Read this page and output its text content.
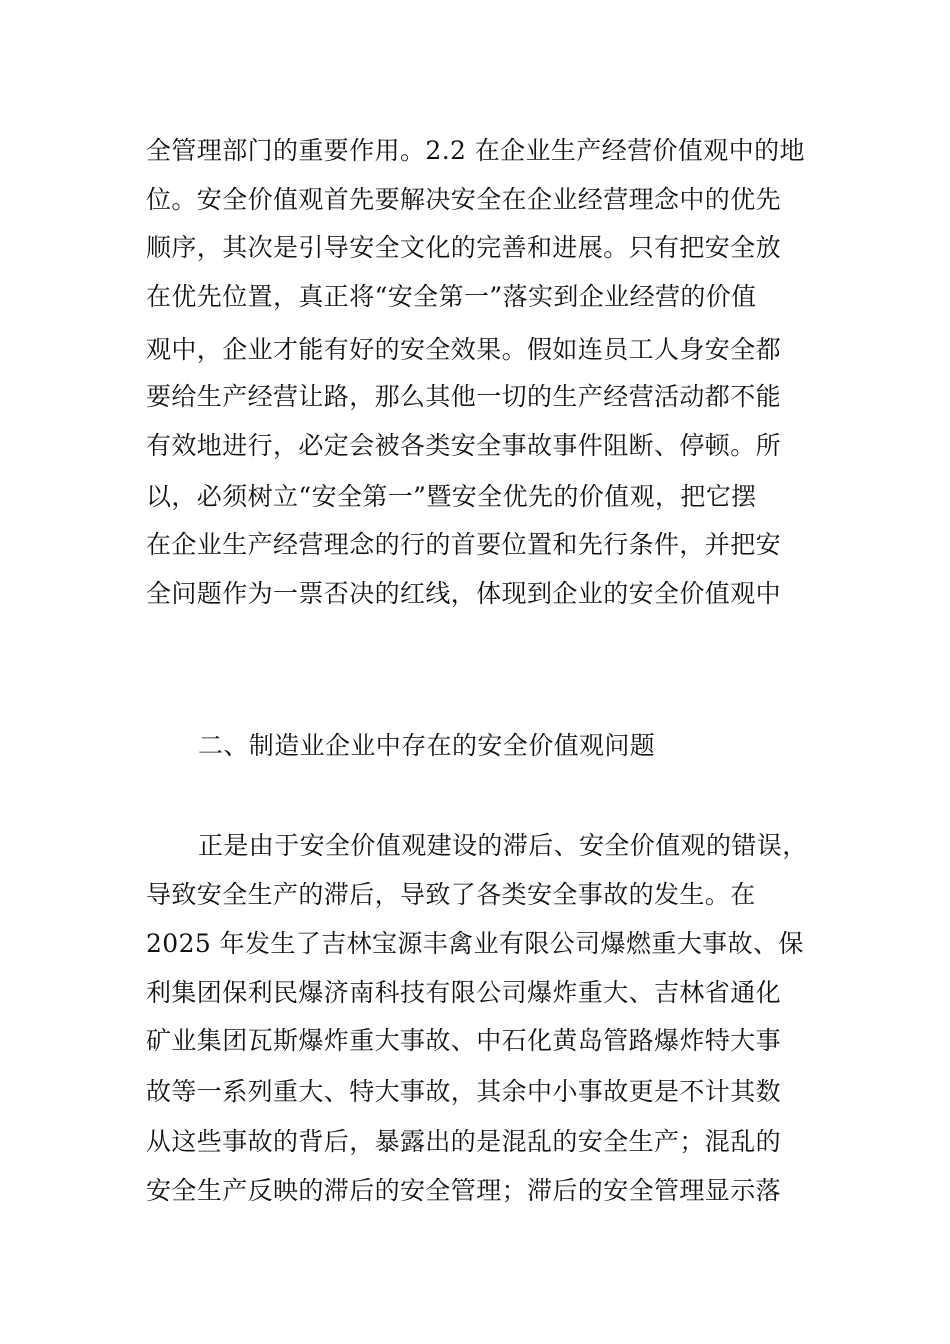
全管理部门的重要作用。2.2 在企业生产经营价值观中的地
位。安全价值观首先要解决安全在企业经营理念中的优先
顺序，其次是引导安全文化的完善和进展。只有把安全放
在优先位置，真正将“安全第一”落实到企业经营的价值
观中，企业才能有好的安全效果。假如连员工人身安全都
要给生产经营让路，那么其他一切的生产经营活动都不能
有效地进行，必定会被各类安全事故事件阻断、停顿。所
以，必须树立“安全第一”暨安全优先的价值观，把它摆
在企业生产经营理念的行的首要位置和先行条件，并把安
全问题作为一票否决的红线，体现到企业的安全价值观中
二、制造业企业中存在的安全价值观问题
正是由于安全价值观建设的滞后、安全价值观的错误，
导致安全生产的滞后，导致了各类安全事故的发生。在
2025 年发生了吉林宝源丰禽业有限公司爆燃重大事故、保
利集团保利民爆济南科技有限公司爆炸重大、吉林省通化
矿业集团瓦斯爆炸重大事故、中石化黄岛管路爆炸特大事
故等一系列重大、特大事故，其余中小事故更是不计其数
从这些事故的背后，暴露出的是混乱的安全生产；混乱的
安全生产反映的滞后的安全管理；滞后的安全管理显示落
